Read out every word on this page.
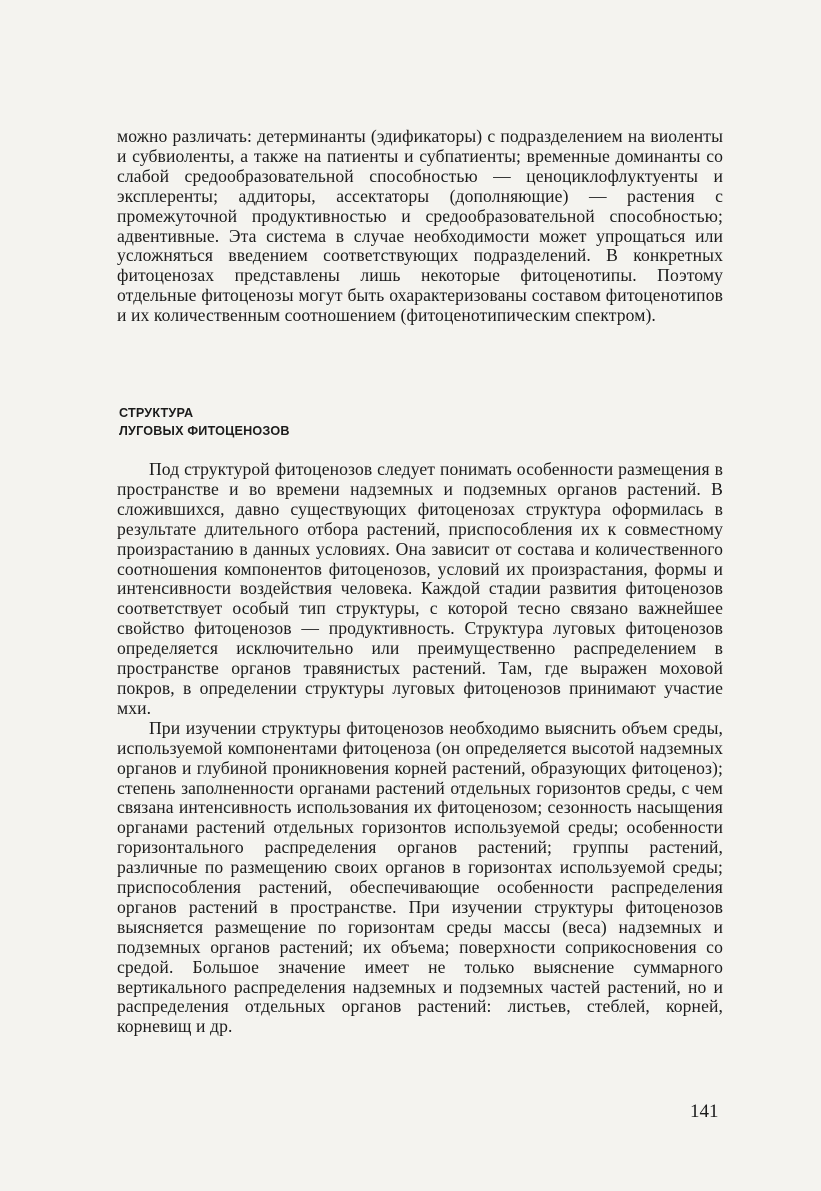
можно различать: детерминанты (эдификаторы) с подразделением на виоленты и субвиоленты, а также на патиенты и субпатиенты; временные доминанты со слабой средообразовательной способностью — ценоциклофлуктуенты и эксплеренты; аддиторы, ассектаторы (дополняющие) — растения с промежуточной продуктивностью и средообразовательной способностью; адвентивные. Эта система в случае необходимости может упрощаться или усложняться введением соответствующих подразделений. В конкретных фитоценозах представлены лишь некоторые фитоценотипы. Поэтому отдельные фитоценозы могут быть охарактеризованы составом фитоценотипов и их количественным соотношением (фитоценотипическим спектром).

СТРУКТУРА
ЛУГОВЫХ ФИТОЦЕНОЗОВ

Под структурой фитоценозов следует понимать особенности размещения в пространстве и во времени надземных и подземных органов растений. В сложившихся, давно существующих фитоценозах структура оформилась в результате длительного отбора растений, приспособления их к совместному произрастанию в данных условиях. Она зависит от состава и количественного соотношения компонентов фитоценозов, условий их произрастания, формы и интенсивности воздействия человека. Каждой стадии развития фитоценозов соответствует особый тип структуры, с которой тесно связано важнейшее свойство фитоценозов — продуктивность. Структура луговых фитоценозов определяется исключительно или преимущественно распределением в пространстве органов травянистых растений. Там, где выражен моховой покров, в определении структуры луговых фитоценозов принимают участие мхи.

При изучении структуры фитоценозов необходимо выяснить объем среды, используемой компонентами фитоценоза (он определяется высотой надземных органов и глубиной проникновения корней растений, образующих фитоценоз); степень заполненности органами растений отдельных горизонтов среды, с чем связана интенсивность использования их фитоценозом; сезонность насыщения органами растений отдельных горизонтов используемой среды; особенности горизонтального распределения органов растений; группы растений, различные по размещению своих органов в горизонтах используемой среды; приспособления растений, обеспечивающие особенности распределения органов растений в пространстве. При изучении структуры фитоценозов выясняется размещение по горизонтам среды массы (веса) надземных и подземных органов растений; их объема; поверхности соприкосновения со средой. Большое значение имеет не только выяснение суммарного вертикального распределения надземных и подземных частей растений, но и распределения отдельных органов растений: листьев, стеблей, корней, корневищ и др.

141
